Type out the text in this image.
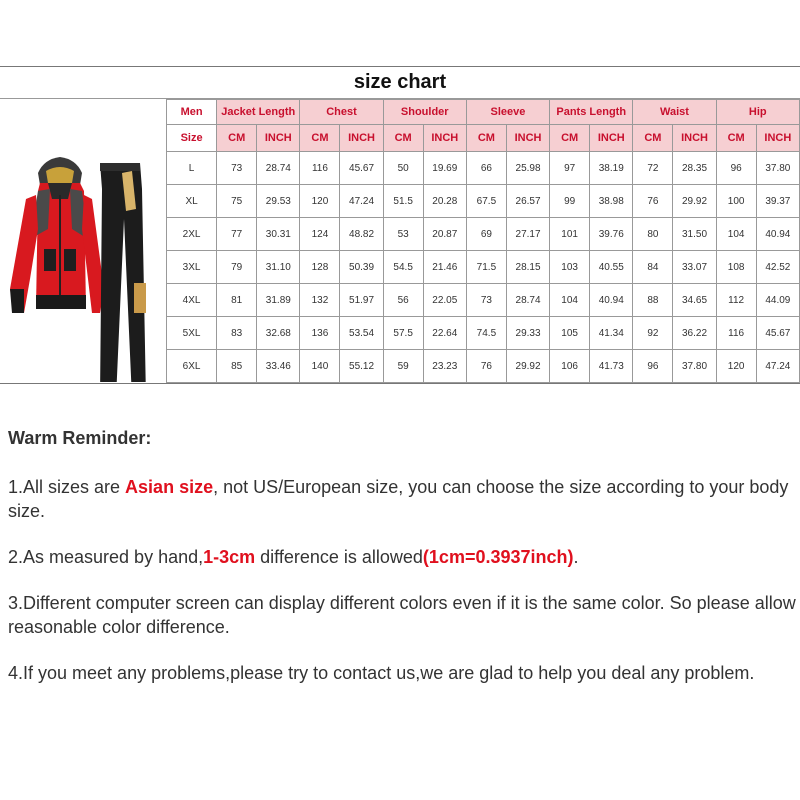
size chart
Men	Jacket Length		Chest		Shoulder		Sleeve		Pants Length		Waist		Hip	
Size	CM	INCH	CM	INCH	CM	INCH	CM	INCH	CM	INCH	CM	INCH	CM	INCH
L	73	28.74	116	45.67	50	19.69	66	25.98	97	38.19	72	28.35	96	37.80
XL	75	29.53	120	47.24	51.5	20.28	67.5	26.57	99	38.98	76	29.92	100	39.37
2XL	77	30.31	124	48.82	53	20.87	69	27.17	101	39.76	80	31.50	104	40.94
3XL	79	31.10	128	50.39	54.5	21.46	71.5	28.15	103	40.55	84	33.07	108	42.52
4XL	81	31.89	132	51.97	56	22.05	73	28.74	104	40.94	88	34.65	112	44.09
5XL	83	32.68	136	53.54	57.5	22.64	74.5	29.33	105	41.34	92	36.22	116	45.67
6XL	85	33.46	140	55.12	59	23.23	76	29.92	106	41.73	96	37.80	120	47.24
Warm Reminder:

1.All sizes are Asian size, not US/European size, you can choose the size according to your body size.

2.As measured by hand,1-3cm difference is allowed(1cm=0.3937inch).

3.Different computer screen can display different colors even if it is the same color. So please allow reasonable color difference.

4.If you meet any problems,please try to contact us,we are glad to help you deal any problem.
